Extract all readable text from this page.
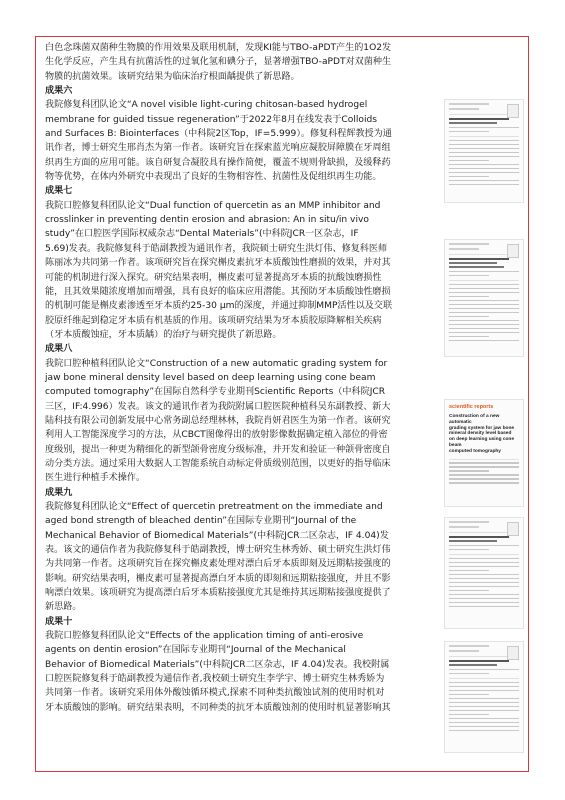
白色念珠菌双菌种生物膜的作用效果及联用机制，发现KI能与TBO-aPDT产生的1O2发
生化学反应，产生具有抗菌活性的过氧化氢和碘分子，显著增强TBO-aPDT对双菌种生
物膜的抗菌效果。该研究结果为临床治疗根面龋提供了新思路。
成果六
我院修复科团队论文“A novel visible light-curing chitosan-based hydrogel
membrane for guided tissue regeneration”于2022年8月在线发表于Colloids
and Surfaces B: Biointerfaces（中科院2区Top，IF=5.999）。修复科程辉教授为通
讯作者，博士研究生邢肖杰为第一作者。该研究旨在探索蓝光响应凝胶屏障膜在牙周组
织再生方面的应用可能。该自研复合凝胶具有操作简便，覆盖不规则骨缺损，及缓释药
物等优势，在体内外研究中表现出了良好的生物相容性、抗菌性及促组织再生功能。
成果七
我院口腔修复科团队论文“Dual function of quercetin as an MMP inhibitor and
crosslinker in preventing dentin erosion and abrasion: An in situ/in vivo
study”在口腔医学国际权威杂志“Dental Materials”(中科院JCR一区杂志，IF
5.69)发表。我院修复科于皓副教授为通讯作者，我院硕士研究生洪灯伟、修复科医师
陈丽冰为共同第一作者。该项研究旨在探究槲皮素抗牙本质酸蚀性磨损的效果，并对其
可能的机制进行深入探究。研究结果表明，槲皮素可显著提高牙本质的抗酸蚀磨损性
能，且其效果随浓度增加而增强，具有良好的临床应用潜能。其预防牙本质酸蚀性磨损
的机制可能是槲皮素渗透至牙本质约25-30 μm的深度，并通过抑制MMP活性以及交联
胶原纤维起到稳定牙本质有机基质的作用。该项研究结果为牙本质胶原降解相关疾病
（牙本质酸蚀症，牙本质龋）的治疗与研究提供了新思路。
成果八
我院口腔种植科团队论文“Construction of a new automatic grading system for
jaw bone mineral density level based on deep learning using cone beam
computed tomography”在国际自然科学专业期刊Scientific Reports（中科院JCR
三区，IF:4.996）发表。该文的通讯作者为我院附属口腔医院种植科吴东副教授、新大
陆科技有限公司创新发展中心常务副总经理林林，我院肖妍君医生为第一作者。该研究
利用人工智能深度学习的方法，从CBCT图像得出的放射影像数据确定植入部位的骨密
度级别，提出一种更为精细化的新型颌骨密度分级标准，并开发和验证一种颌骨密度自
动分类方法。通过采用大数据人工智能系统自动标定骨质级别范围，以更好的指导临床
医生进行种植手术操作。
成果九
我院修复科团队论文“Effect of quercetin pretreatment on the immediate and
aged bond strength of bleached dentin”在国际专业期刊“Journal of the
Mechanical Behavior of Biomedical Materials”(中科院JCR二区杂志，IF 4.04)发
表。该文的通信作者为我院修复科于皓副教授，博士研究生林秀娇、硕士研究生洪灯伟
为共同第一作者。这项研究旨在探究槲皮素处理对漂白后牙本质即刻及远期粘接强度的
影响。研究结果表明，槲皮素可显著提高漂白牙本质的即刻和远期粘接强度，并且不影
响漂白效果。该项研究为提高漂白后牙本质粘接强度尤其是维持其远期粘接强度提供了
新思路。
成果十
我院口腔修复科团队论文“Effects of the application timing of anti-erosive
agents on dentin erosion”在国际专业期刊“Journal of the Mechanical
Behavior of Biomedical Materials”(中科院JCR二区杂志，IF 4.04)发表。我校附属
口腔医院修复科于皓副教授为通信作者,我校硕士研究生李学宇、博士研究生林秀娇为
共同第一作者。该研究采用体外酸蚀循环模式,探索不同种类抗酸蚀试剂的使用时机对
牙本质酸蚀的影响。研究结果表明，不同种类的抗牙本质酸蚀剂的使用时机显著影响其
scientific reports
Construction of a new automatic
grading system for jaw bone
mineral density level based
on deep learning using cone beam
computed tomography
